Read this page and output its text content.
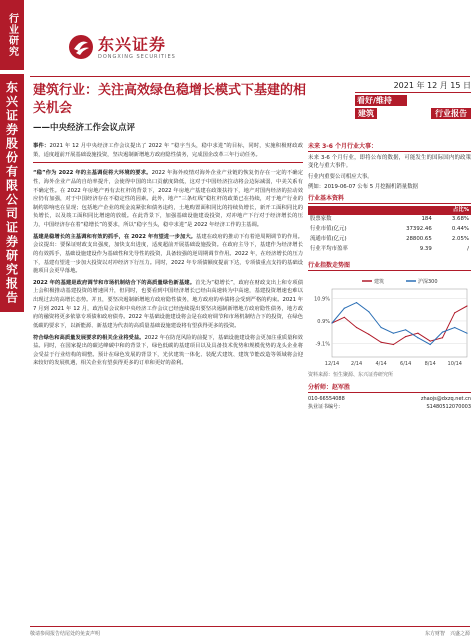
行业研究
东兴证券股份有限公司证券研究报告
东兴证券
DONGXING SECURITIES
建筑行业：关注高效绿色稳增长模式下基建的相关机会
——中央经济工作会议点评
2021 年 12 月 15 日
看好/维持
建筑	行业报告

事件：2021 年 12 月中央经济工作会议提出了 2022 年 “稳字当头，稳中求进”的目标，同时，实施积极财政政策，适度超前开展基础设施投资，坚决遏制新增地方政府隐性债务，完成国企改革三年行动任务。

“稳”作为 2022 年的主基调促将大环境的要求。2022 年海外疫情对海外企业产业链的恢复仍存在一定的不确定性，海外企业产品的自给率提升，会使得中国的出口贡献度降低，这对于中国经济拉动将会边际减弱，中美关系有不确定性。在 2022 年房地产再有去杠杆的背景下，2022 年房地产基建在政策扶持下，地产对国内经济的拉动效应仍有加强，对于中国经济存在不稳定性的因素。此外，地产“三条红线”稳杠杆的政策已在持续，对于地产行业的制约影响也在显现；包括地产企业的现金流紧张和债务违约，土地购置面积同比的持续负增长，新开工面积同比的负增长，以及竣工面积同比增速的放缓。在此背景下，加强基础设施建设投资，对冲地产下行对于经济增长的压力，中国经济存在着“稳增长”的要求，所以“稳字当头，稳中求进”是 2022 年经济工作的主基调。

基建是稳增长的主基调和有效的抓手，在 2022 年有望进一步加大。基建在政府的推动下有着逆周期调节的作用。会议提出：要保证财政支出强度，加快支出进度，适度超前开展基础设施投资。在政府主导下，基建作为经济增长的有效抓手，基础设施建设作为基础性和先导性的投资，具备较强的逆周期调节作用。2022 年，在经济增长的压力下，基建有望进一步加大投资以对冲经济下行压力。同时，2022 年专项债额度提前下达，专项债重点支持的基础设施项目会更早落地。

2022 年的基建是政府调节和市场机制结合下的高质量绿色新基建。首先为“稳增长”，政府在财政支出上和专项债上会积极推动基建投资的增速回升，但同时，也要看到中国经济增长已经由高速转为中高速，基建投资增速也难以出现过去的高增长态势。并且，要坚决遏制新增地方政府隐性债务，地方政府的举债将会受到严格的约束。2021 年 7 月到 2021 年 12 月，政治局会议和中央经济工作会议已经连续提出要坚决遏制新增地方政府隐性债务，地方政府的融资将更多依靠专项债和政府债券。2022 年基础设施建设将会是在政府调节和市场机制结合下的投资，在绿色低碳的要求下，以新能源、新基建为代表的高质量基础设施建设将有望获得更多的投资。

符合绿色和高质量发展要求的相关企业将受益。2022 年在防范风险的前提下，基础设施建设将会更加注重质量和效益。同时，在国家提出的碳达峰碳中和的背景下，绿色低碳的基建项目以及具备技术优势和规模优势的龙头企业将会受益于行业结构的调整。预计在绿色发展的背景下，光伏建筑一体化、装配式建筑、建筑节能改造等领域将会迎来较好的发展机遇，相关企业有望获得更多的订单和更好的盈利。

未来 3-6 个月行业大事：
未来 3-6 个月行业，即将公布的数据，可能发生的国际国内的政策变化与重大事件。
行业内重要公司相应大事。
例如：2019-06-07 公布 5 月挖掘机销量数据
行业基本资料
		占比%
股票家数	184	3.68%
行业市值(亿元)	37392.46	0.44%
流通市值(亿元)	28800.65	2.05%
行业平均市盈率	9.39	/
行业指数走势图
10.9%
0.9%
-9.1%
12/14 2/14	4/14	6/14	8/14 10/14
建筑	沪深300
资料来源：恒生聚源、东兴证券研究所
分析师：赵军胜
010-66554088	zhaojs@dxzq.net.cn
执业证书编号：	S1480512070003
敬请参阅报告结尾处的免责声明	东方财智　兴盛之源
